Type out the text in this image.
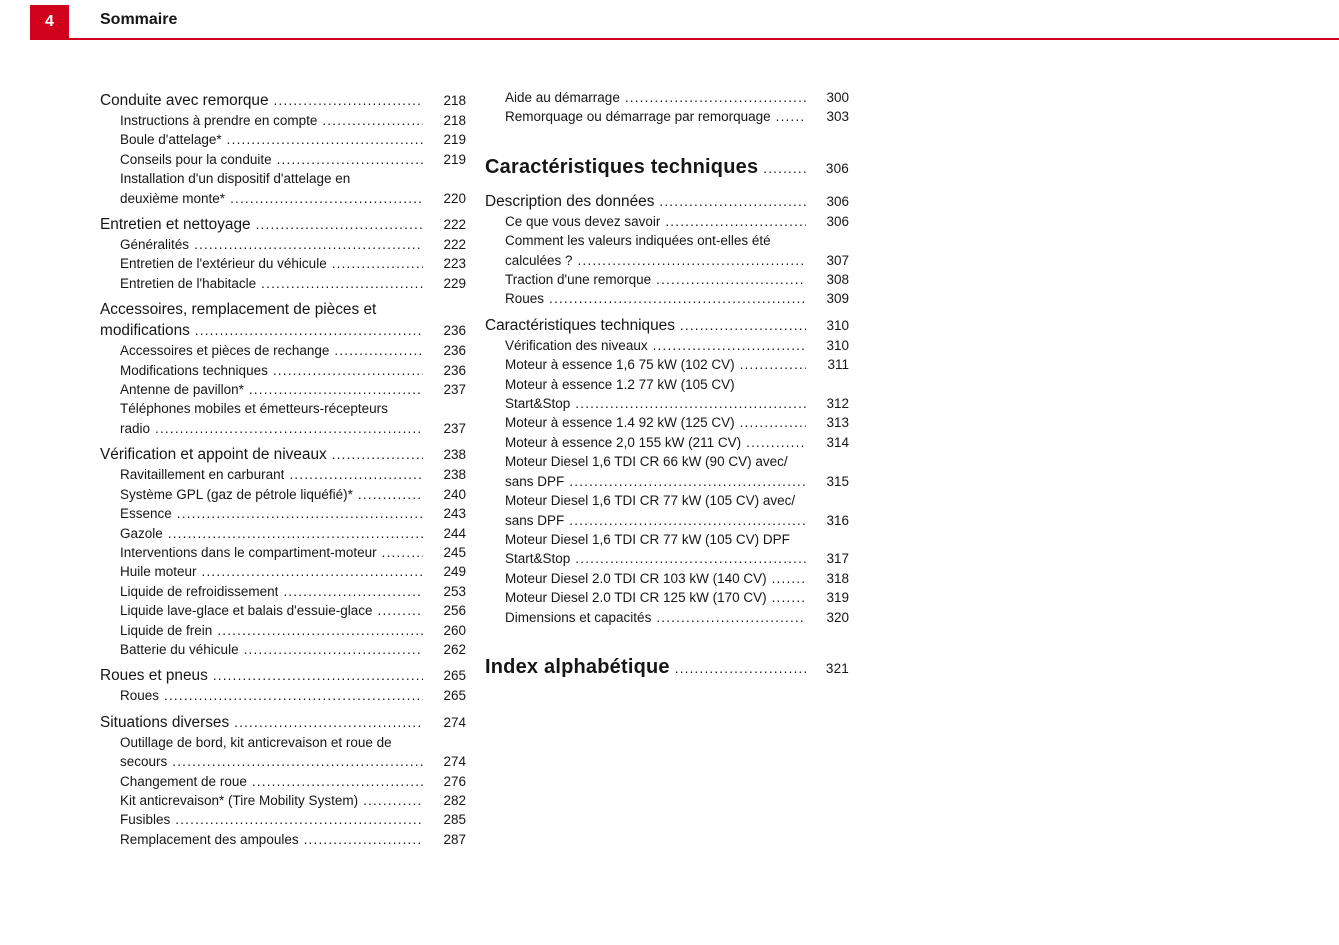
4	Sommaire
Conduite avec remorque .....	218
Instructions à prendre en compte .....	218
Boule d'attelage* .....	219
Conseils pour la conduite .....	219
Installation d'un dispositif d'attelage en
deuxième monte* .....	220
Entretien et nettoyage .....	222
Généralités .....	222
Entretien de l'extérieur du véhicule .....	223
Entretien de l'habitacle .....	229
Accessoires, remplacement de pièces et
modifications .....	236
Accessoires et pièces de rechange .....	236
Modifications techniques .....	236
Antenne de pavillon* .....	237
Téléphones mobiles et émetteurs-récepteurs
radio .....	237
Vérification et appoint de niveaux .....	238
Ravitaillement en carburant .....	238
Système GPL (gaz de pétrole liquéfié)* .....	240
Essence .....	243
Gazole .....	244
Interventions dans le compartiment-moteur .....	245
Huile moteur .....	249
Liquide de refroidissement .....	253
Liquide lave-glace et balais d'essuie-glace .....	256
Liquide de frein .....	260
Batterie du véhicule .....	262
Roues et pneus .....	265
Roues .....	265
Situations diverses .....	274
Outillage de bord, kit anticrevaison et roue de
secours .....	274
Changement de roue .....	276
Kit anticrevaison* (Tire Mobility System) .....	282
Fusibles .....	285
Remplacement des ampoules .....	287
Aide au démarrage .....	300
Remorquage ou démarrage par remorquage .....	303
Caractéristiques techniques .....	306
Description des données .....	306
Ce que vous devez savoir .....	306
Comment les valeurs indiquées ont-elles été
calculées ? .....	307
Traction d'une remorque .....	308
Roues .....	309
Caractéristiques techniques .....	310
Vérification des niveaux .....	310
Moteur à essence 1,6 75 kW (102 CV) .....	311
Moteur à essence 1.2 77 kW (105 CV)
Start&Stop .....	312
Moteur à essence 1.4 92 kW (125 CV) .....	313
Moteur à essence 2,0 155 kW (211 CV) .....	314
Moteur Diesel 1,6 TDI CR 66 kW (90 CV) avec/
sans DPF .....	315
Moteur Diesel 1,6 TDI CR 77 kW (105 CV) avec/
sans DPF .....	316
Moteur Diesel 1,6 TDI CR 77 kW (105 CV) DPF
Start&Stop .....	317
Moteur Diesel 2.0 TDI CR 103 kW (140 CV) .....	318
Moteur Diesel 2.0 TDI CR 125 kW (170 CV) .....	319
Dimensions et capacités .....	320
Index alphabétique .....	321
